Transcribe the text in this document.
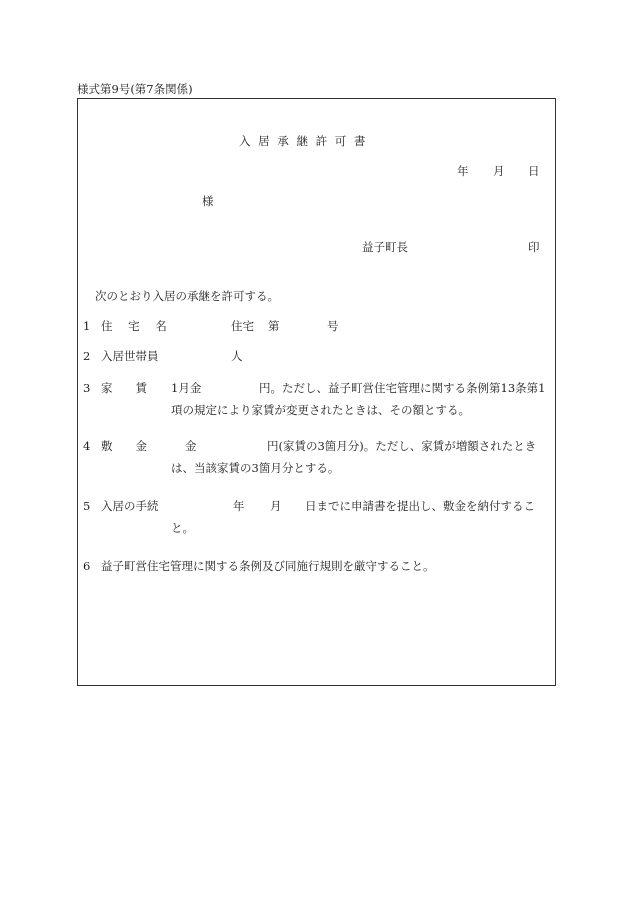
様式第9号(第7条関係)
入 居 承 継 許 可 書
年 月 日
様
益子町長	印
次のとおり入居の承継を許可する。
1 住 宅 名	住宅 第	号
2 入居世帯員	人
3 家　　賃 1月金	円。ただし、益子町営住宅管理に関する条例第13条第1
項の規定により家賃が変更されたときは、その額とする。
4 敷　　金	金	円(家賃の3箇月分)。ただし、家賃が増額されたとき
は、当該家賃の3箇月分とする。
5 入居の手続	年 月 日までに申請書を提出し、敷金を納付するこ
と。
6 益子町営住宅管理に関する条例及び同施行規則を厳守すること。
